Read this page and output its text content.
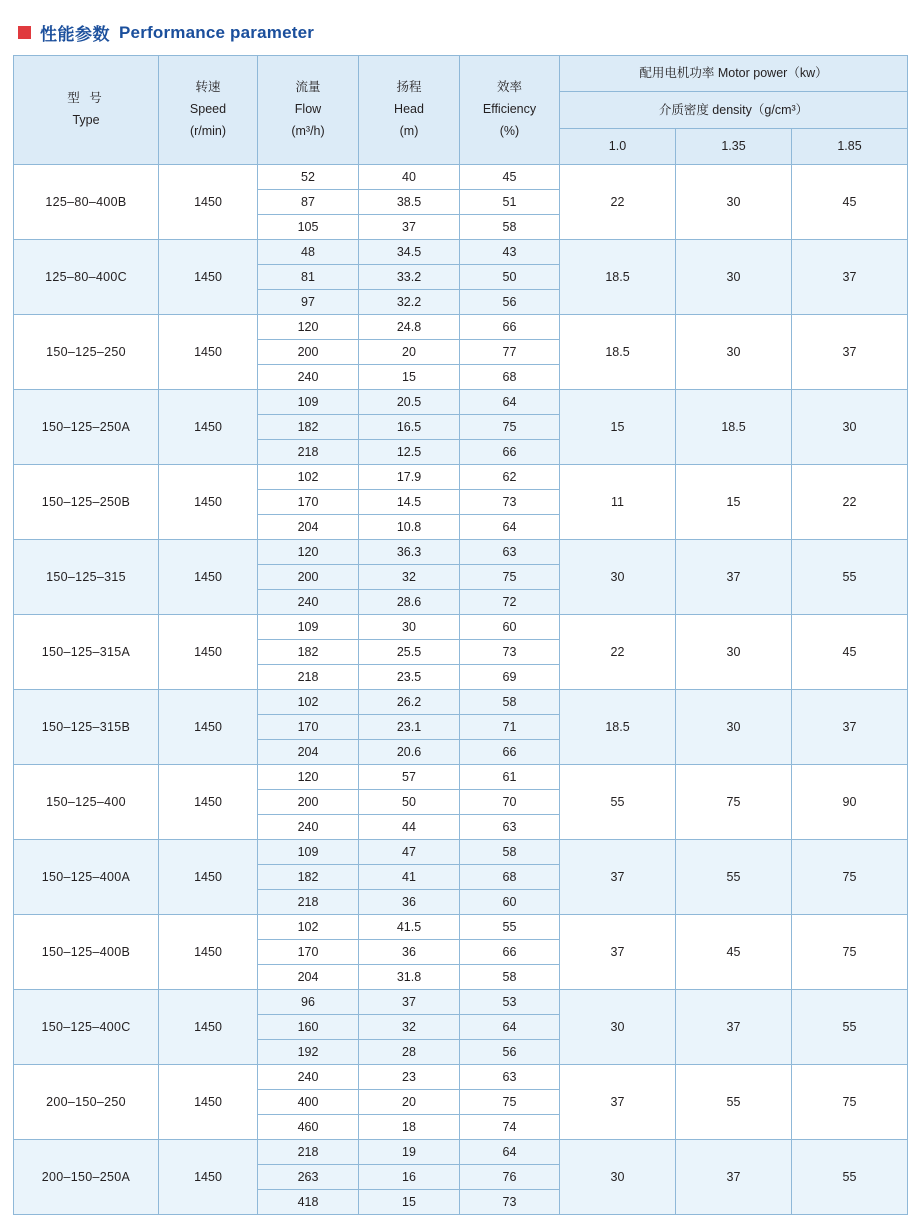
性能参数 Performance parameter
型 号
Type

转速
Speed
(r/min)

流量
Flow
(m³/h)

扬程
Head
(m)

效率
Efficiency
(%)
	配用电机功率 Motor power（kw）
					介质密度 density（g/cm³）		
					1.0	1.35	1.85
125–80–400B	1450	52	40	45	22	30	45
		87	38.5	51			
		105	37	58			
125–80–400C	1450	48	34.5	43	18.5	30	37
		81	33.2	50			
		97	32.2	56			
150–125–250	1450	120	24.8	66	18.5	30	37
		200	20	77			
		240	15	68			
150–125–250A	1450	109	20.5	64	15	18.5	30
		182	16.5	75			
		218	12.5	66			
150–125–250B	1450	102	17.9	62	11	15	22
		170	14.5	73			
		204	10.8	64			
150–125–315	1450	120	36.3	63	30	37	55
		200	32	75			
		240	28.6	72			
150–125–315A	1450	109	30	60	22	30	45
		182	25.5	73			
		218	23.5	69			
150–125–315B	1450	102	26.2	58	18.5	30	37
		170	23.1	71			
		204	20.6	66			
150–125–400	1450	120	57	61	55	75	90
		200	50	70			
		240	44	63			
150–125–400A	1450	109	47	58	37	55	75
		182	41	68			
		218	36	60			
150–125–400B	1450	102	41.5	55	37	45	75
		170	36	66			
		204	31.8	58			
150–125–400C	1450	96	37	53	30	37	55
		160	32	64			
		192	28	56			
200–150–250	1450	240	23	63	37	55	75
		400	20	75			
		460	18	74			
200–150–250A	1450	218	19	64	30	37	55
		263	16	76			
		418	15	73			
